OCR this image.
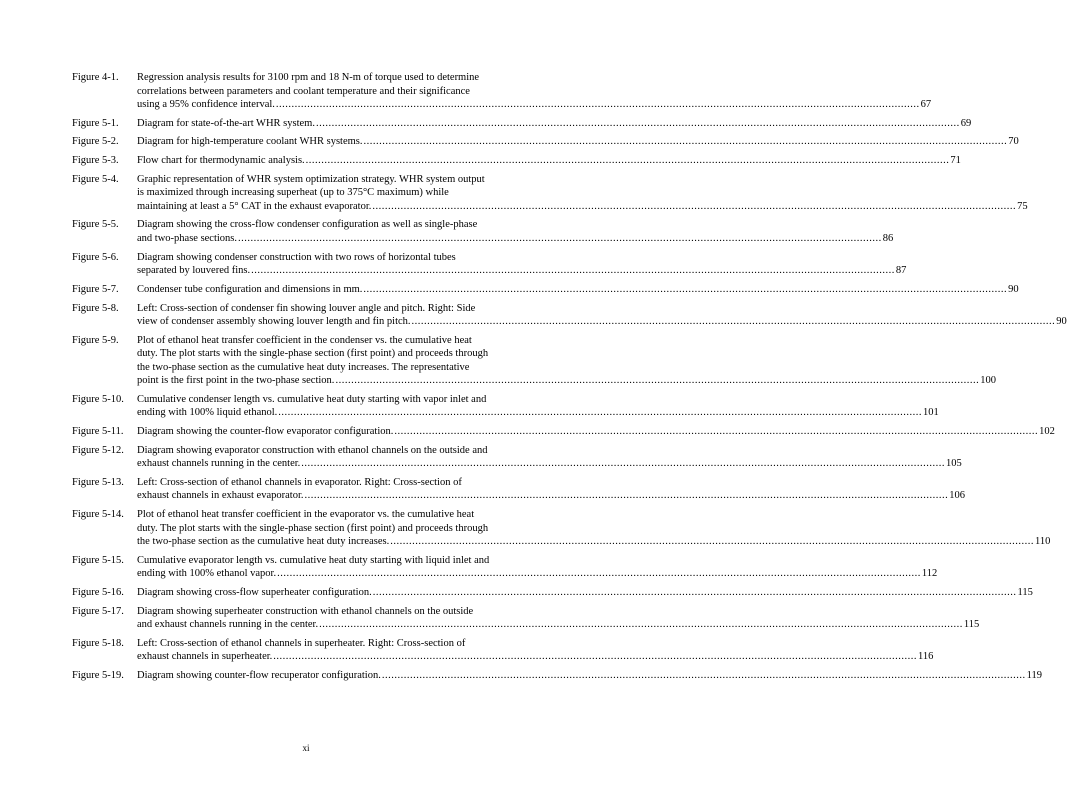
Figure 4-1.	Regression analysis results for 3100 rpm and 18 N-m of torque used to determine
correlations between parameters and coolant temperature and their significance
using a 95% confidence interval. .....	67
Figure 5-1.	Diagram for state-of-the-art WHR system. .....	69
Figure 5-2.	Diagram for high-temperature coolant WHR systems. .....	70
Figure 5-3.	Flow chart for thermodynamic analysis. .....	71
Figure 5-4.	Graphic representation of WHR system optimization strategy. WHR system output
is maximized through increasing superheat (up to 375°C maximum) while
maintaining at least a 5° CAT in the exhaust evaporator. .....	75
Figure 5-5.	Diagram showing the cross-flow condenser configuration as well as single-phase
and two-phase sections. .....	86
Figure 5-6.	Diagram showing condenser construction with two rows of horizontal tubes
separated by louvered fins. .....	87
Figure 5-7.	Condenser tube configuration and dimensions in mm. .....	90
Figure 5-8.	Left: Cross-section of condenser fin showing louver angle and pitch. Right: Side
view of condenser assembly showing louver length and fin pitch. .....	90
Figure 5-9.	Plot of ethanol heat transfer coefficient in the condenser vs. the cumulative heat
duty. The plot starts with the single-phase section (first point) and proceeds through
the two-phase section as the cumulative heat duty increases. The representative
point is the first point in the two-phase section. .....	100
Figure 5-10.	Cumulative condenser length vs. cumulative heat duty starting with vapor inlet and
ending with 100% liquid ethanol. .....	101
Figure 5-11.	Diagram showing the counter-flow evaporator configuration. .....	102
Figure 5-12.	Diagram showing evaporator construction with ethanol channels on the outside and
exhaust channels running in the center. .....	105
Figure 5-13.	Left: Cross-section of ethanol channels in evaporator. Right: Cross-section of
exhaust channels in exhaust evaporator. .....	106
Figure 5-14.	Plot of ethanol heat transfer coefficient in the evaporator vs. the cumulative heat
duty. The plot starts with the single-phase section (first point) and proceeds through
the two-phase section as the cumulative heat duty increases. .....	110
Figure 5-15.	Cumulative evaporator length vs. cumulative heat duty starting with liquid inlet and
ending with 100% ethanol vapor. .....	112
Figure 5-16.	Diagram showing cross-flow superheater configuration. .....	115
Figure 5-17.	Diagram showing superheater construction with ethanol channels on the outside
and exhaust channels running in the center. .....	115
Figure 5-18.	Left: Cross-section of ethanol channels in superheater. Right: Cross-section of
exhaust channels in superheater. .....	116
Figure 5-19.	Diagram showing counter-flow recuperator configuration. .....	119
xi
